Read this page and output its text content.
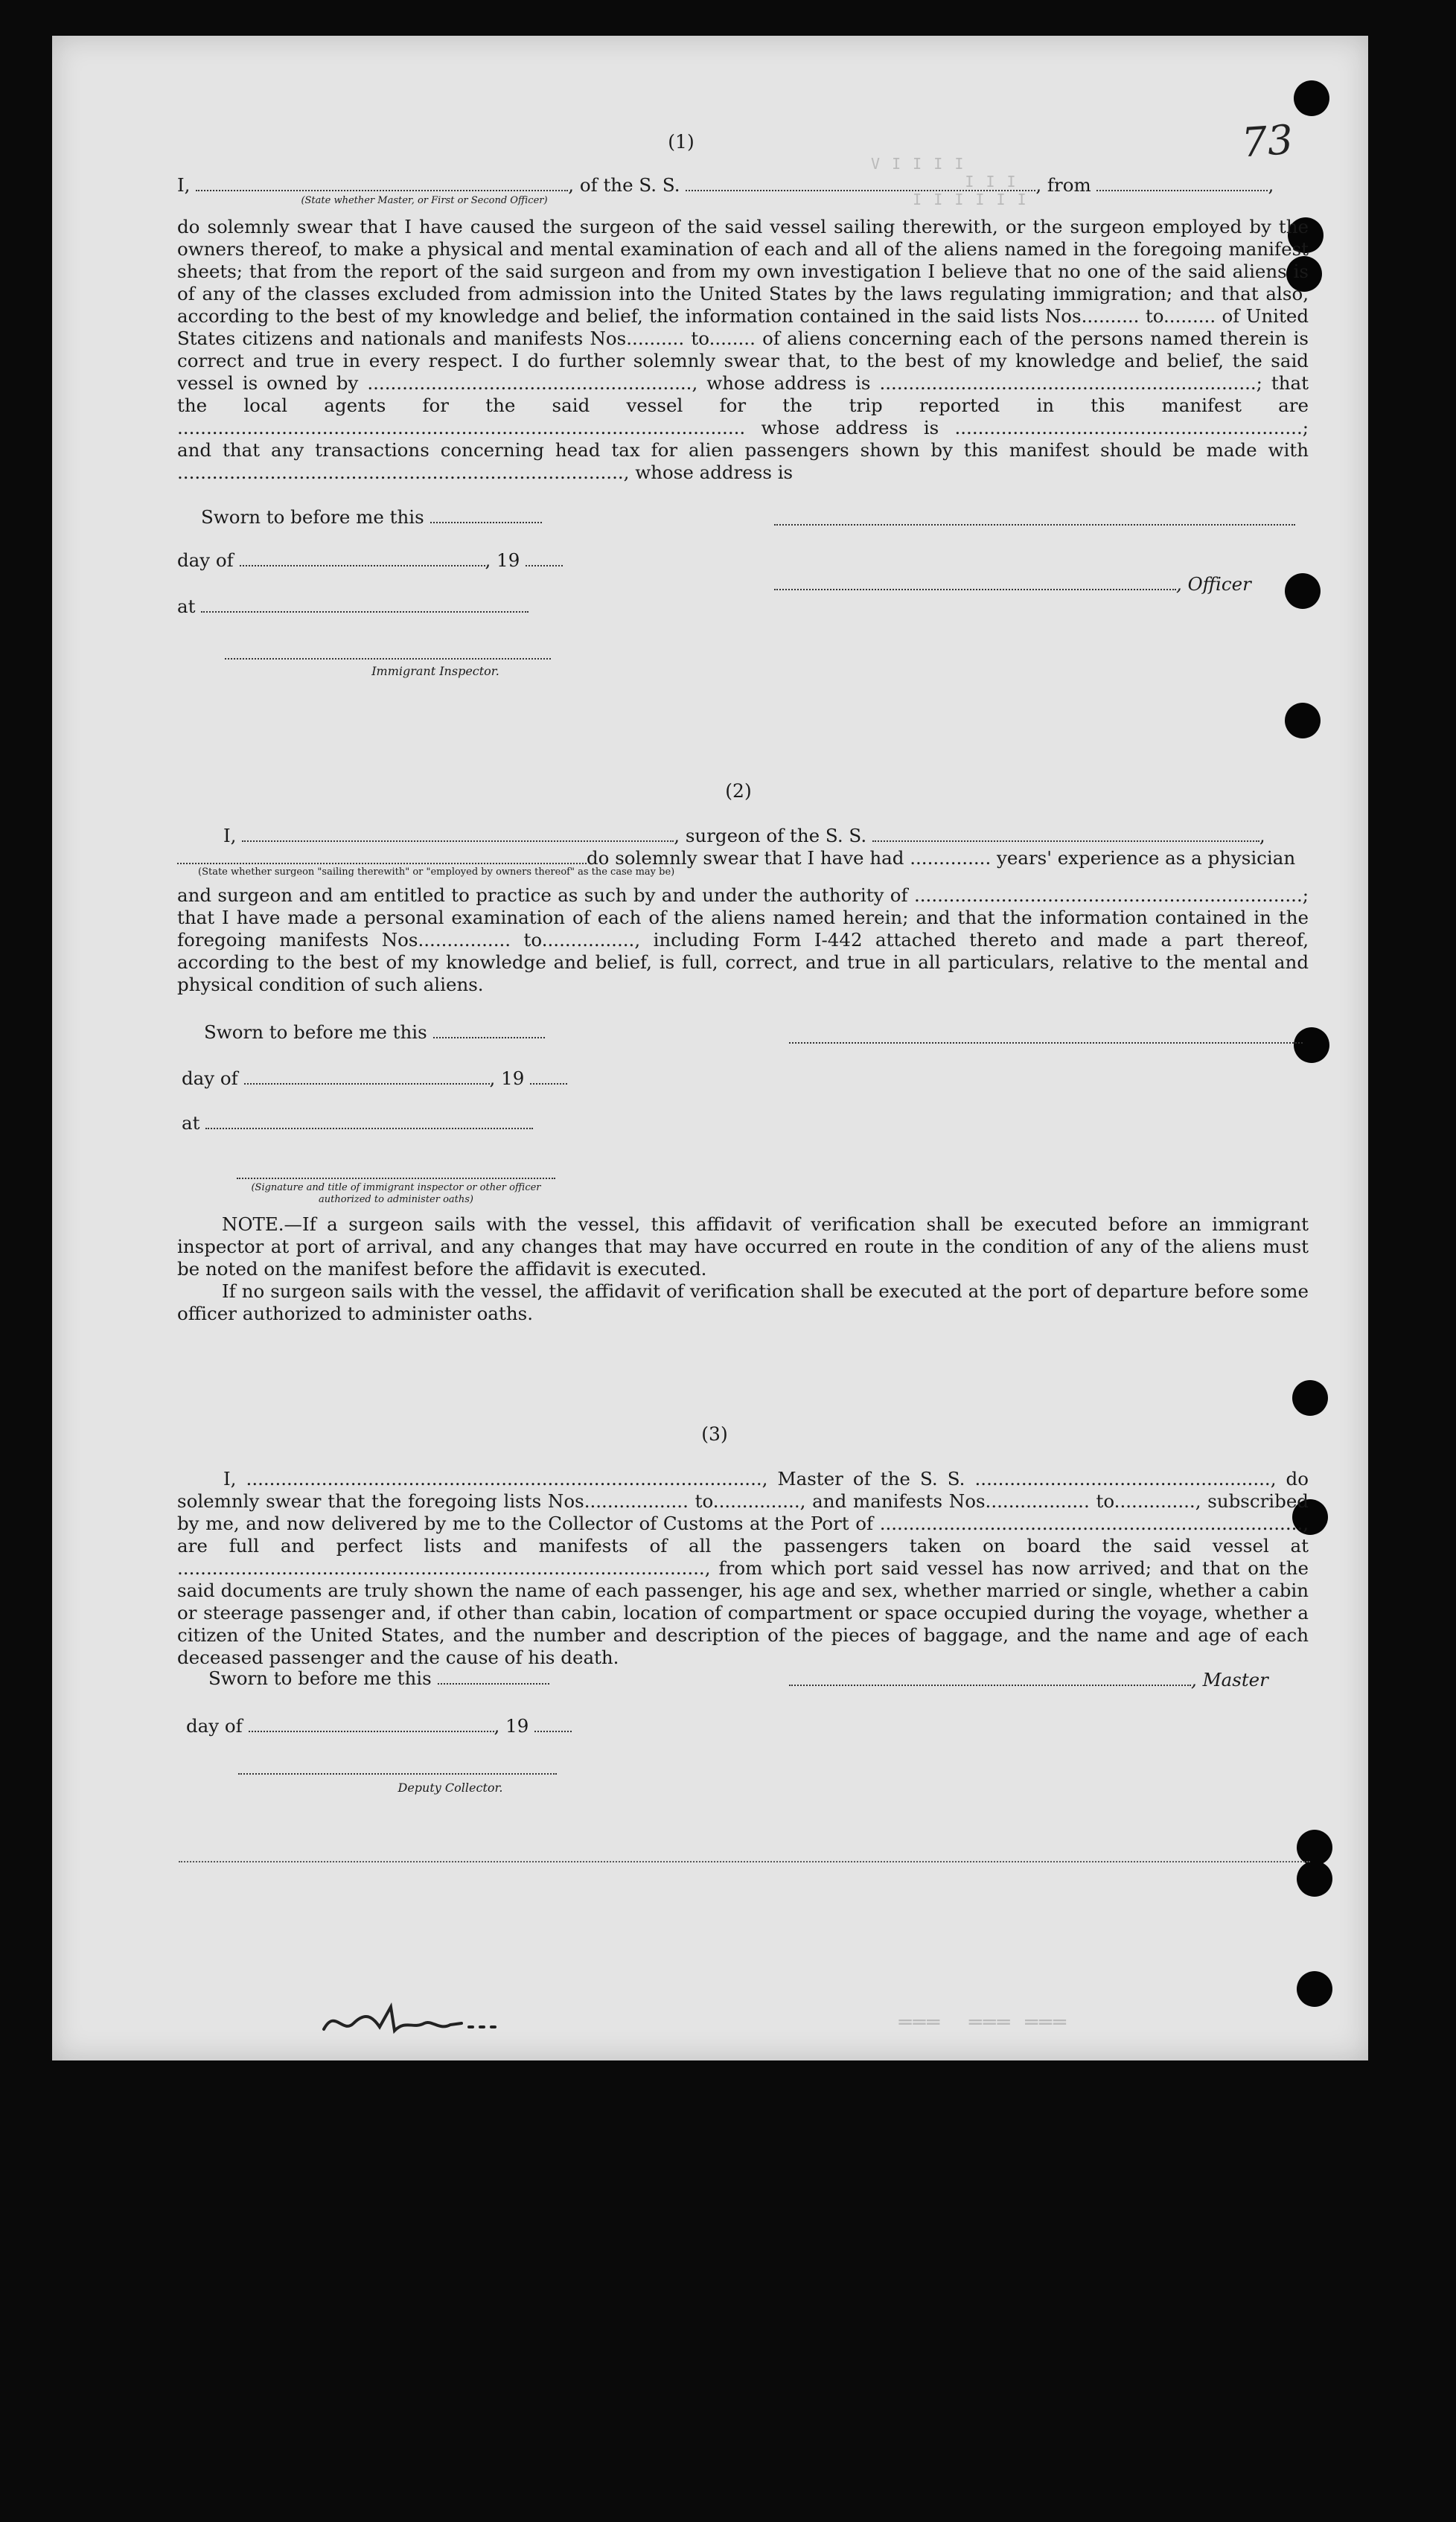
V I I I I
I I I
I I I I I I
73
(1)
I,	, of the S. S.	, from	,
(State whether Master, or First or Second Officer)
do solemnly swear that I have caused the surgeon of the said vessel sailing therewith, or the surgeon employed by the owners thereof, to make a physical and mental examination of each and all of the aliens named in the foregoing manifest sheets; that from the report of the said surgeon and from my own investigation I believe that no one of the said aliens is of any of the classes excluded from admission into the United States by the laws regulating immigration; and that also, according to the best of my knowledge and belief, the information contained in the said lists Nos.......... to......... of United States citizens and nationals and manifests Nos.......... to........ of aliens concerning each of the persons named therein is correct and true in every respect. I do further solemnly swear that, to the best of my knowledge and belief, the said vessel is owned by ........................................................, whose address is .................................................................; that the local agents for the said vessel for the trip reported in this manifest are .................................................................................................. whose address is ............................................................; and that any transactions concerning head tax for alien passengers shown by this manifest should be made with ............................................................................., whose address is
Sworn to before me this
day of	, 19
, Officer
at
Immigrant Inspector.
(2)
I,	, surgeon of the S. S.	,
do solemnly swear that I have had .............. years' experience as a physician
(State whether surgeon "sailing therewith" or "employed by owners thereof" as the case may be)
and surgeon and am entitled to practice as such by and under the authority of ...................................................................; that I have made a personal examination of each of the aliens named herein; and that the information contained in the foregoing manifests Nos................ to................, including Form I-442 attached thereto and made a part thereof, according to the best of my knowledge and belief, is full, correct, and true in all particulars, relative to the mental and physical condition of such aliens.
Sworn to before me this
day of	, 19
at
(Signature and title of immigrant inspector or other officer authorized to administer oaths)
NOTE.—If a surgeon sails with the vessel, this affidavit of verification shall be executed before an immigrant inspector at port of arrival, and any changes that may have occurred en route in the condition of any of the aliens must be noted on the manifest before the affidavit is executed.
If no surgeon sails with the vessel, the affidavit of verification shall be executed at the port of departure before some officer authorized to administer oaths.
(3)
I, ........................................................................................., Master of the S. S. ..................................................., do solemnly swear that the foregoing lists Nos.................. to..............., and manifests Nos.................. to.............., subscribed by me, and now delivered by me to the Collector of Customs at the Port of ........................................................................., are full and perfect lists and manifests of all the passengers taken on board the said vessel at ..........................................................................................., from which port said vessel has now arrived; and that on the said documents are truly shown the name of each passenger, his age and sex, whether married or single, whether a cabin or steerage passenger and, if other than cabin, location of compartment or space occupied during the voyage, whether a citizen of the United States, and the number and description of the pieces of baggage, and the name and age of each deceased passenger and the cause of his death.
Sworn to before me this	, Master
day of	, 19
Deputy Collector.
═══  ═══ ═══
